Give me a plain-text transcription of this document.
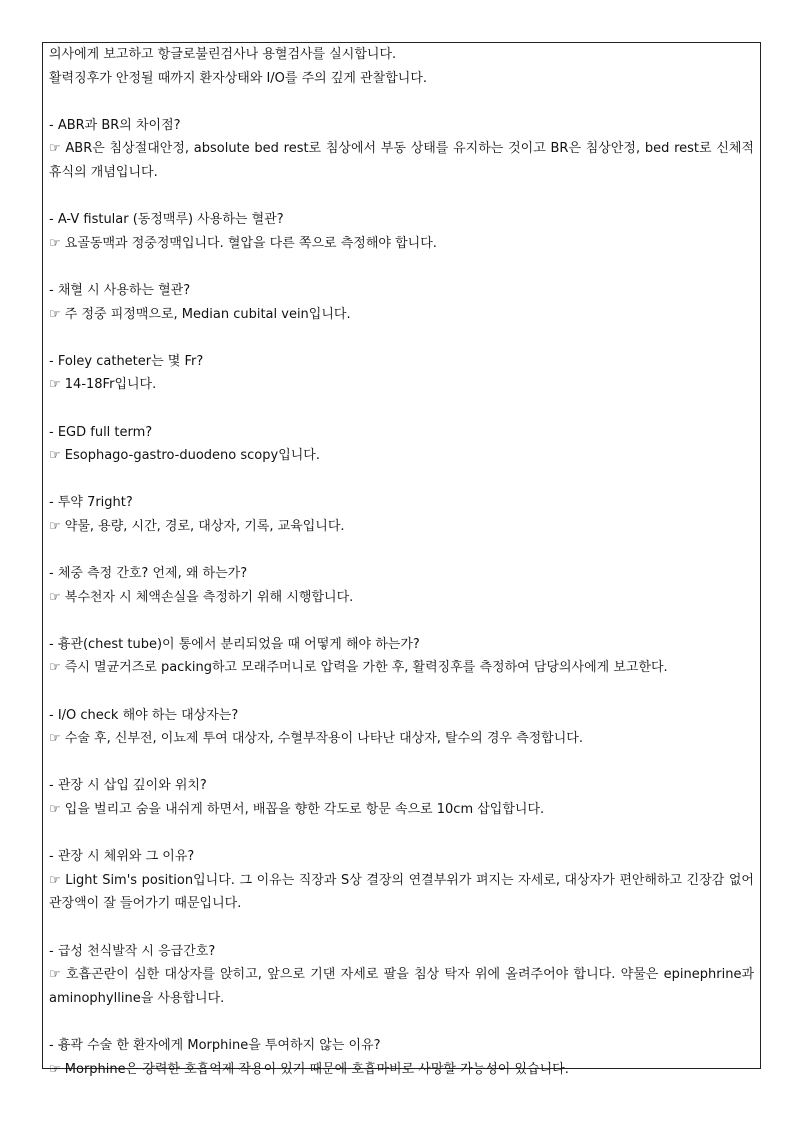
의사에게 보고하고 항글로불린검사나 용혈검사를 실시합니다.

활력징후가 안정될 때까지 환자상태와 I/O를 주의 깊게 관찰합니다.

- ABR과 BR의 차이점?

☞ ABR은 침상절대안정, absolute bed rest로 침상에서 부동 상태를 유지하는 것이고 BR은 침상안정, bed rest로 신체적 휴식의 개념입니다.

- A-V fistular (동정맥루) 사용하는 혈관?

☞ 요골동맥과 정중정맥입니다. 혈압을 다른 쪽으로 측정해야 합니다.

- 채혈 시 사용하는 혈관?

☞ 주 정중 피정맥으로, Median cubital vein입니다.

- Foley catheter는 몇 Fr?

☞ 14-18Fr입니다.

- EGD full term?

☞ Esophago-gastro-duodeno scopy입니다.

- 투약 7right?

☞ 약물, 용량, 시간, 경로, 대상자, 기록, 교육입니다.

- 체중 측정 간호? 언제, 왜 하는가?

☞ 복수천자 시 체액손실을 측정하기 위해 시행합니다.

- 흉관(chest tube)이 통에서 분리되었을 때 어떻게 해야 하는가?

☞ 즉시 멸균거즈로 packing하고 모래주머니로 압력을 가한 후, 활력징후를 측정하여 담당의사에게 보고한다.

- I/O check 해야 하는 대상자는?

☞ 수술 후, 신부전, 이뇨제 투여 대상자, 수혈부작용이 나타난 대상자, 탈수의 경우 측정합니다.

- 관장 시 삽입 깊이와 위치?

☞ 입을 벌리고 숨을 내쉬게 하면서, 배꼽을 향한 각도로 항문 속으로 10cm 삽입합니다.

- 관장 시 체위와 그 이유?

☞ Light Sim's position입니다. 그 이유는 직장과 S상 결장의 연결부위가 펴지는 자세로, 대상자가 편안해하고 긴장감 없어 관장액이 잘 들어가기 때문입니다.

- 급성 천식발작 시 응급간호?

☞ 호흡곤란이 심한 대상자를 앉히고, 앞으로 기댄 자세로 팔을 침상 탁자 위에 올려주어야 합니다. 약물은 epinephrine과 aminophylline을 사용합니다.

- 흉곽 수술 한 환자에게 Morphine을 투여하지 않는 이유?

☞ Morphine은 강력한 호흡억제 작용이 있기 때문에 호흡마비로 사망할 가능성이 있습니다.
